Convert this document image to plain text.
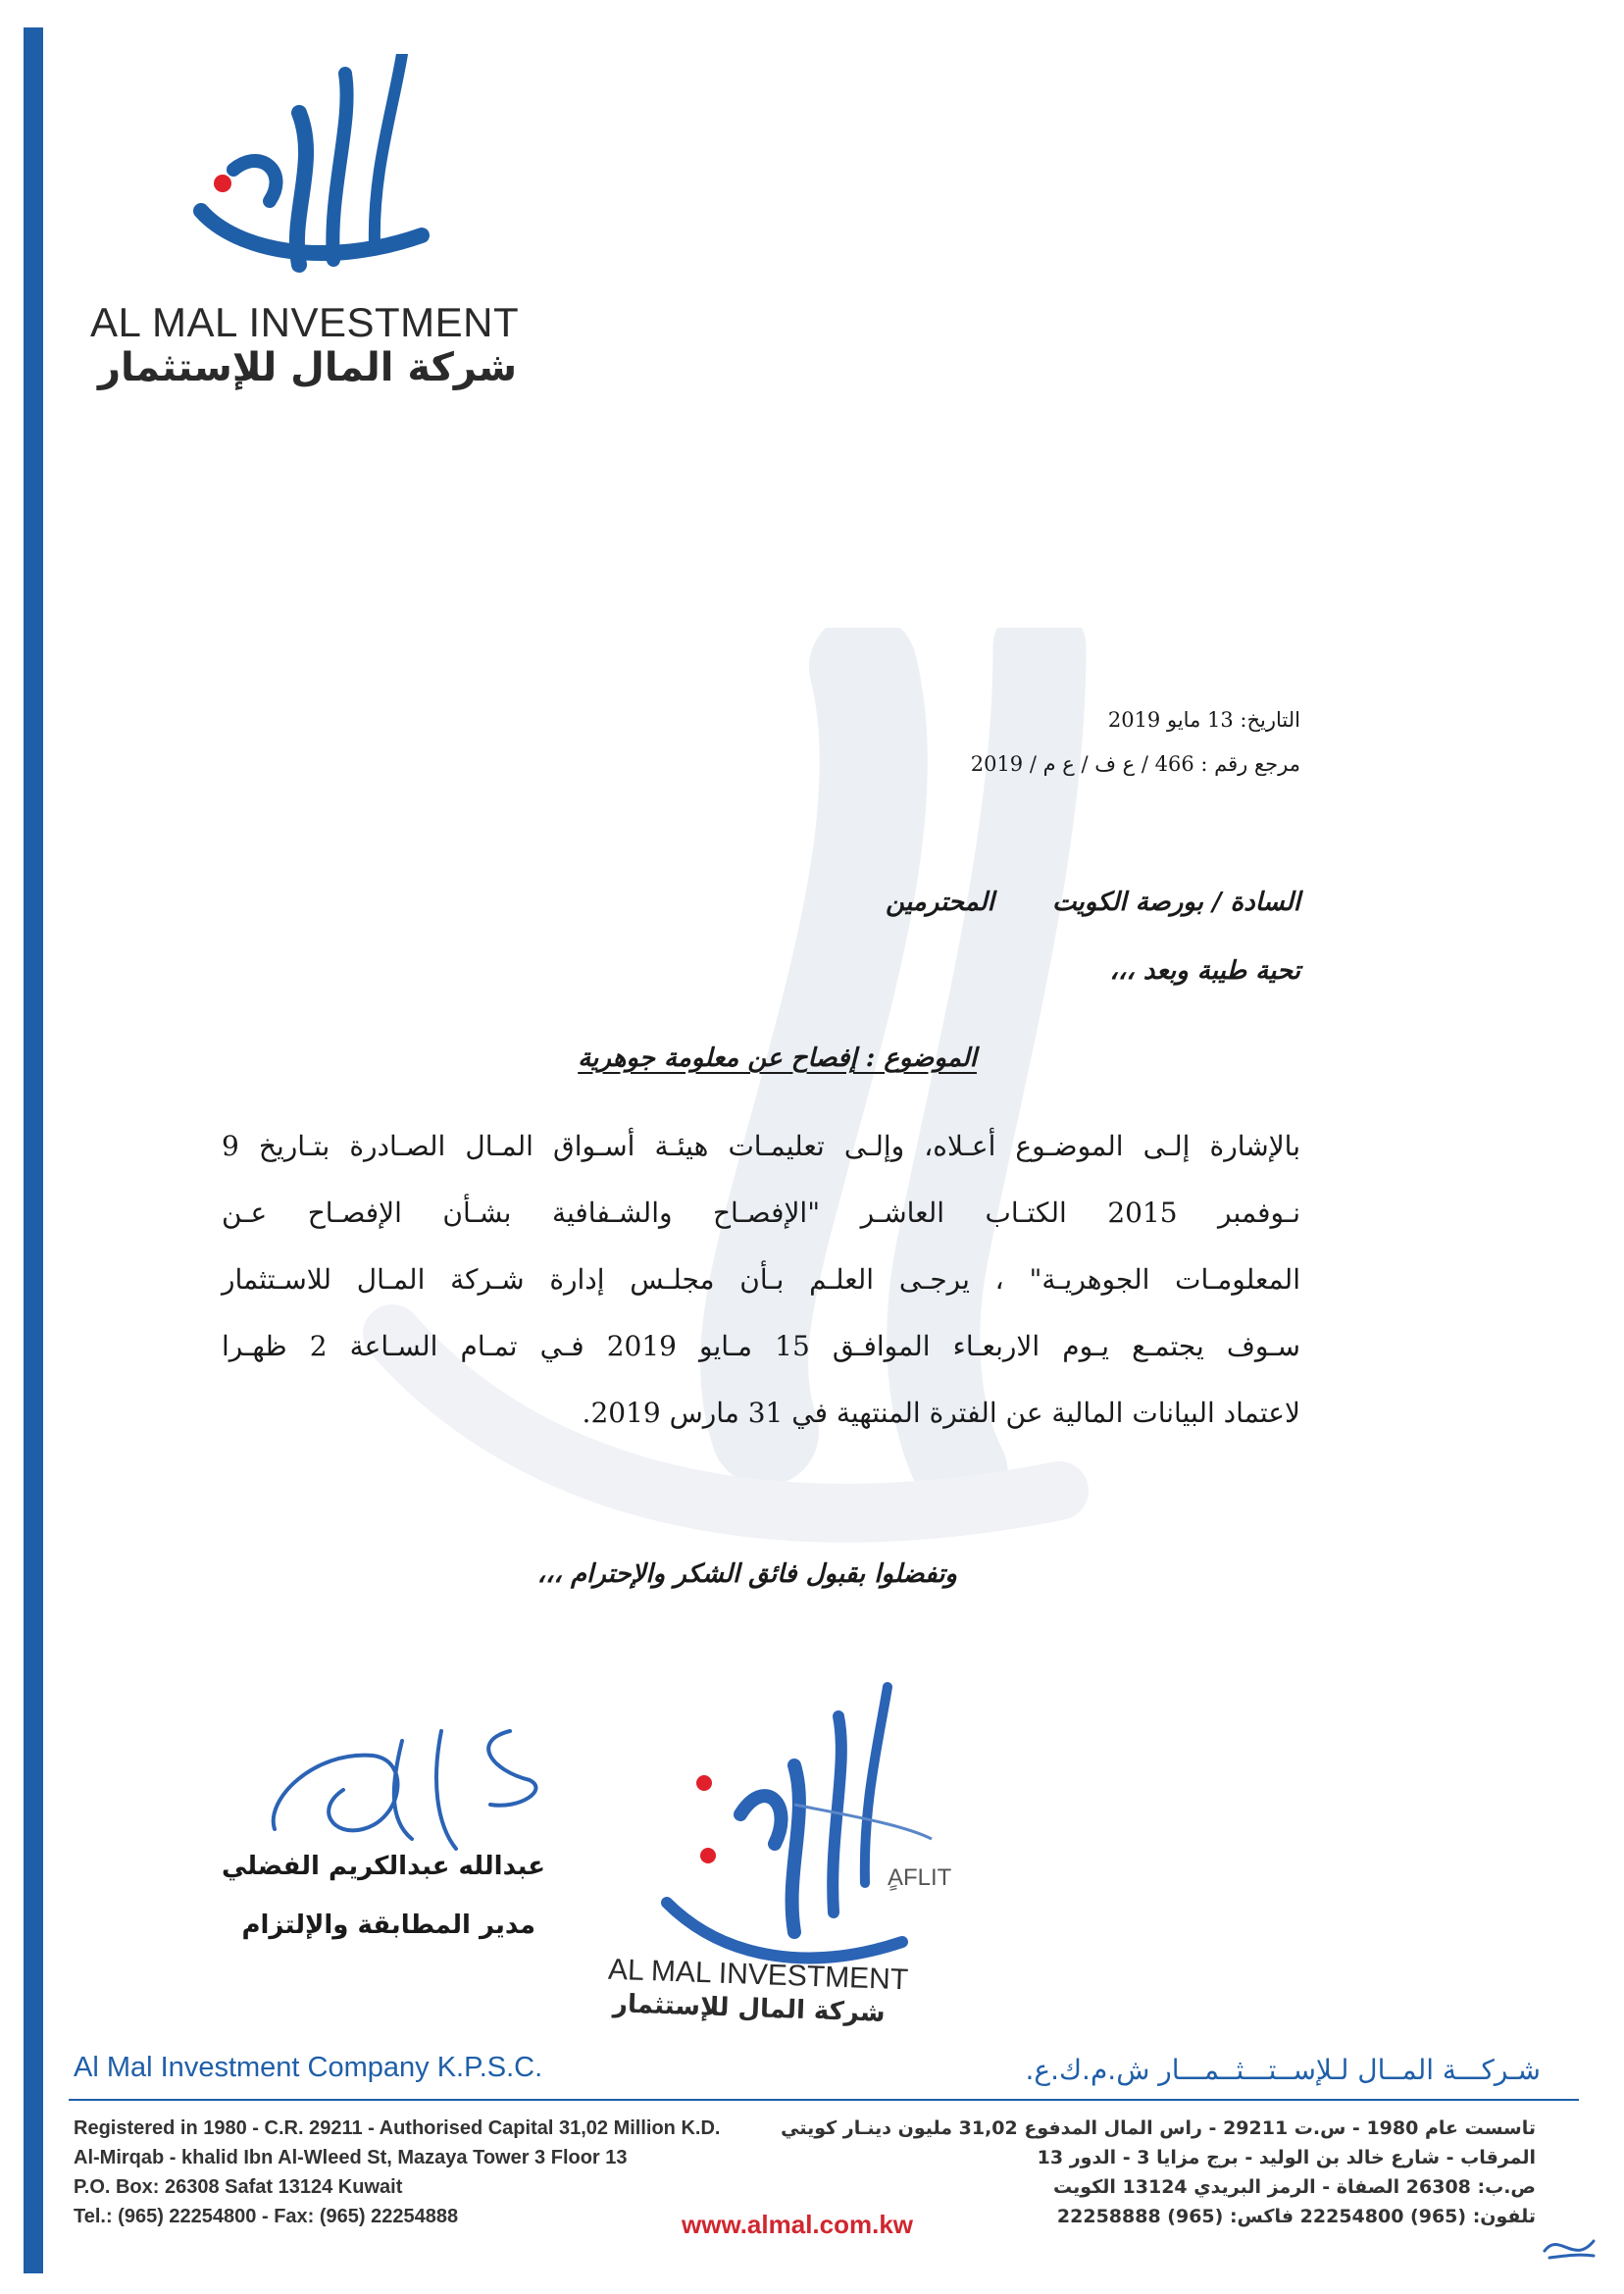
AL MAL INVESTMENT
شركة المال للإستثمار
التاريخ: 13 مايو 2019
مرجع رقم : 466 / ع ف / ع م / 2019
السادة / بورصة الكويت المحترمين
تحية طيبة وبعد ،،،
الموضوع : إفصاح عن معلومة جوهرية
بالإشارة إلـى الموضـوع أعـلاه، وإلـى تعليمـات هيئـة أسـواق المـال الصـادرة بتـاريخ 9
نـوفمبر 2015 الكتـاب العاشـر "الإفصـاح والشـفافية بشـأن الإفصـاح عـن
المعلومـات الجوهريـة" ، يرجـى العلـم بـأن مجلـس إدارة شـركة المـال للاسـتثمار
سـوف يجتمـع يـوم الاربعـاء الموافـق 15 مـايو 2019 فـي تمـام السـاعة 2 ظهـرا
لاعتماد البيانات المالية عن الفترة المنتهية في 31 مارس 2019.
وتفضلوا بقبول فائق الشكر والإحترام ،،،
ٍAFLIT
AL MAL INVESTMENT
شركة المال للإستثمار
عبدالله عبدالكريم الفضلي
مدير المطابقة والإلتزام
Al Mal Investment Company K.P.S.C.	شـركـــة المــال لـلإســتـــثــمـــار ش.م.ك.ع.
Registered in 1980 - C.R. 29211 - Authorised Capital 31,02 Million K.D.
Al-Mirqab - khalid Ibn Al-Wleed St, Mazaya Tower 3 Floor 13
P.O. Box: 26308 Safat 13124 Kuwait
Tel.: (965) 22254800 - Fax: (965) 22254888
تاسست عام 1980 - س.ت 29211 - راس المال المدفوع 31,02 مليون دينـار كويتي
المرقاب - شارع خالد بن الوليد - برج مزايا 3 - الدور 13
ص.ب: 26308 الصفاة - الرمز البريدي 13124 الكويت
تلفون: (965) 22254800 فاكس: (965) 22258888
www.almal.com.kw
